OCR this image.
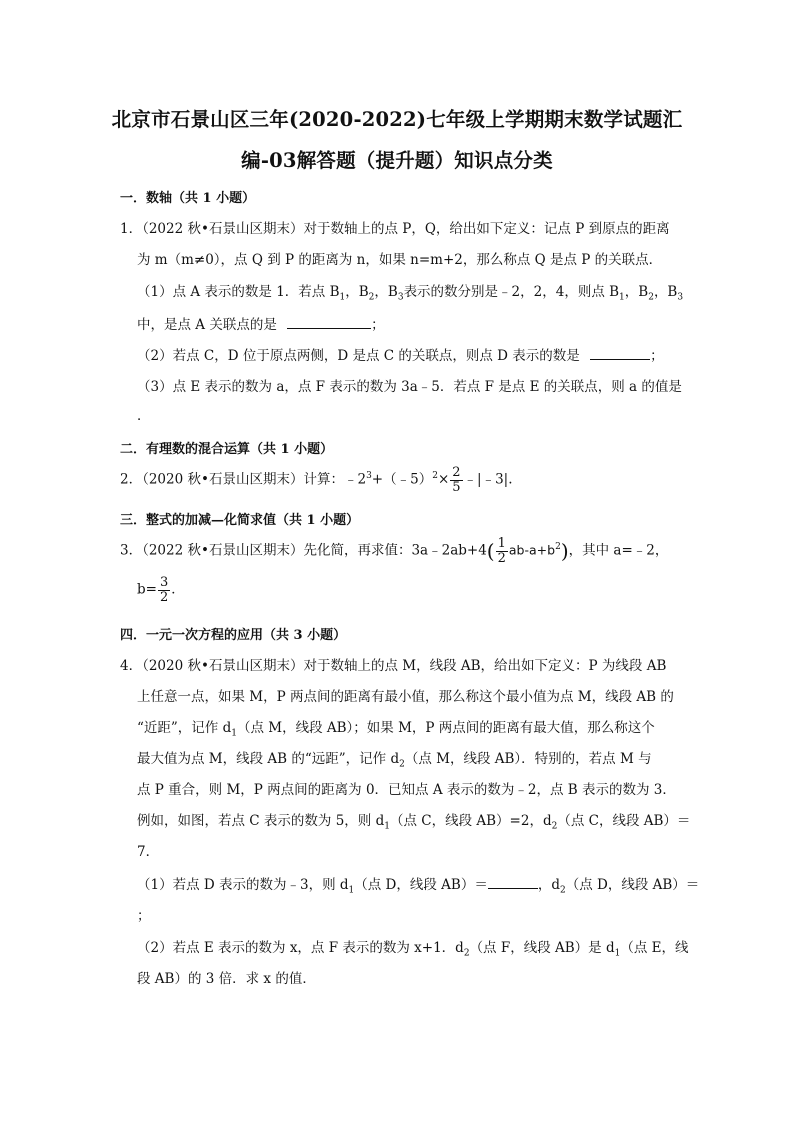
北京市石景山区三年(2020-2022)七年级上学期期末数学试题汇
编-03解答题（提升题）知识点分类
一．数轴（共 1 小题）
1．（2022 秋•石景山区期末）对于数轴上的点 P，Q，给出如下定义：记点 P 到原点的距离
为 m（m≠0），点 Q 到 P 的距离为 n，如果 n=m+2，那么称点 Q 是点 P 的关联点．
（1）点 A 表示的数是 1．若点 $B_1$，$B_2$，$B_3$表示的数分别是﹣2，2，4，则点 $B_1$，$B_2$，$B_3$
中，是点 A 关联点的是	；
（2）若点 C，D 位于原点两侧，D 是点 C 的关联点，则点 D 表示的数是	；
（3）点 E 表示的数为 a，点 F 表示的数为 3a﹣5．若点 F 是点 E 的关联点，则 a 的值是
．
二．有理数的混合运算（共 1 小题）
2．（2020 秋•石景山区期末）计算：$﹣2^3+(﹣5)^2\times \frac{2}{5}$ ﹣|﹣3|.
三．整式的加减—化简求值（共 1 小题）
3．（2022 秋•石景山区期末）先化简，再求值：3a﹣2ab+4( $\frac{1}{2} ab-a+b^2$)，其中 a=﹣2，
$b= \frac{3}{2}$ ．
四．一元一次方程的应用（共 3 小题）
4．（2020 秋•石景山区期末）对于数轴上的点 M，线段 AB，给出如下定义：P 为线段 AB
上任意一点，如果 M，P 两点间的距离有最小值，那么称这个最小值为点 M，线段 AB 的
“近距”，记作 $d_1$（点 M，线段 AB）；如果 M，P 两点间的距离有最大值，那么称这个
最大值为点 M，线段 AB 的“远距”，记作 $d_2$（点 M，线段 AB）．特别的，若点 M 与
点 P 重合，则 M，P 两点间的距离为 0．已知点 A 表示的数为﹣2，点 B 表示的数为 3．
例如，如图，若点 C 表示的数为 5，则 $d_1$（点 C，线段 AB）=2，$d_2$（点 C，线段 AB）＝
7．
（1）若点 D 表示的数为﹣3，则 $d_1$（点 D，线段 AB）＝	，$d_2$（点 D，线段 AB）＝
；
（2）若点 E 表示的数为 x，点 F 表示的数为 x+1．$d_2$（点 F，线段 AB）是 $d_1$（点 E，线
段 AB）的 3 倍．求 x 的值．
